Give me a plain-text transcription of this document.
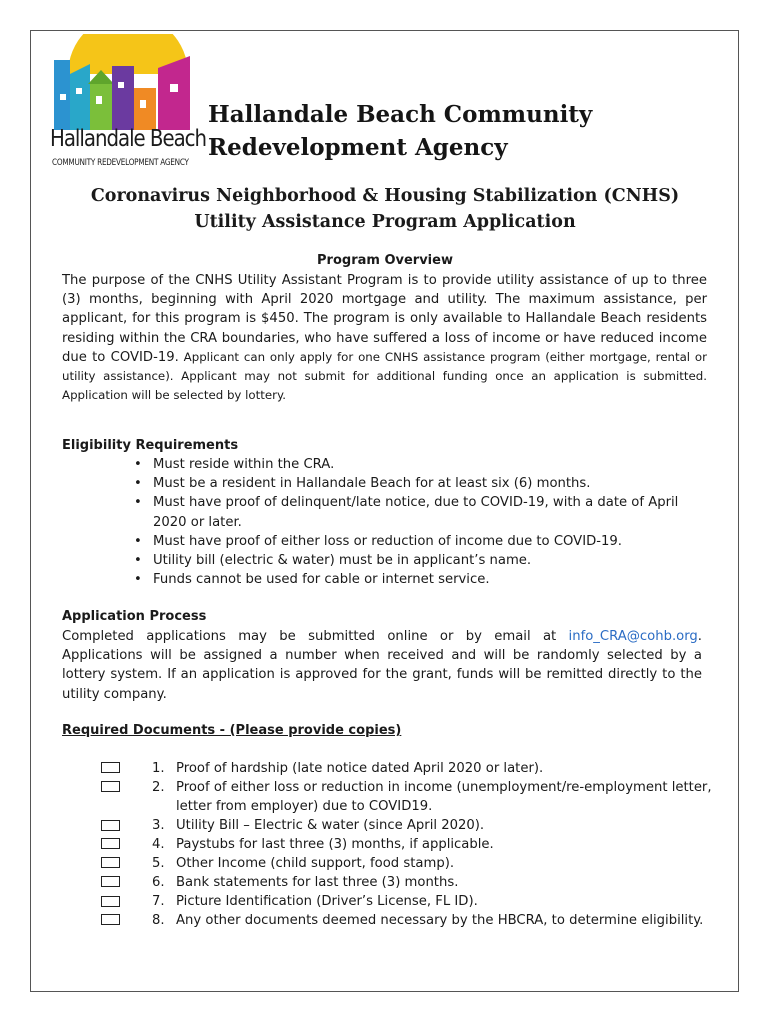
Hallandale Beach
COMMUNITY REDEVELOPMENT AGENCY
Hallandale Beach Community
Redevelopment Agency
Coronavirus Neighborhood & Housing Stabilization (CNHS)
Utility Assistance Program Application
Program Overview
The purpose of the CNHS Utility Assistant Program is to provide utility assistance of up to three (3) months, beginning with April 2020 mortgage and utility. The maximum assistance, per applicant, for this program is $450. The program is only available to Hallandale Beach residents residing within the CRA boundaries, who have suffered a loss of income or have reduced income due to COVID-19. Applicant can only apply for one CNHS assistance program (either mortgage, rental or utility assistance). Applicant may not submit for additional funding once an application is submitted. Application will be selected by lottery.
Eligibility Requirements
• Must reside within the CRA.
• Must be a resident in Hallandale Beach for at least six (6) months.
• Must have proof of delinquent/late notice, due to COVID-19, with a date of April 2020 or later.
• Must have proof of either loss or reduction of income due to COVID-19.
• Utility bill (electric & water) must be in applicant’s name.
• Funds cannot be used for cable or internet service.
Application Process
Completed applications may be submitted online or by email at info_CRA@cohb.org. Applications will be assigned a number when received and will be randomly selected by a lottery system. If an application is approved for the grant, funds will be remitted directly to the utility company.
Required Documents - (Please provide copies)
1. Proof of hardship (late notice dated April 2020 or later).
2. Proof of either loss or reduction in income (unemployment/re-employment letter, letter from employer) due to COVID19.
3. Utility Bill – Electric & water (since April 2020).
4. Paystubs for last three (3) months, if applicable.
5. Other Income (child support, food stamp).
6. Bank statements for last three (3) months.
7. Picture Identification (Driver’s License, FL ID).
8. Any other documents deemed necessary by the HBCRA, to determine eligibility.
